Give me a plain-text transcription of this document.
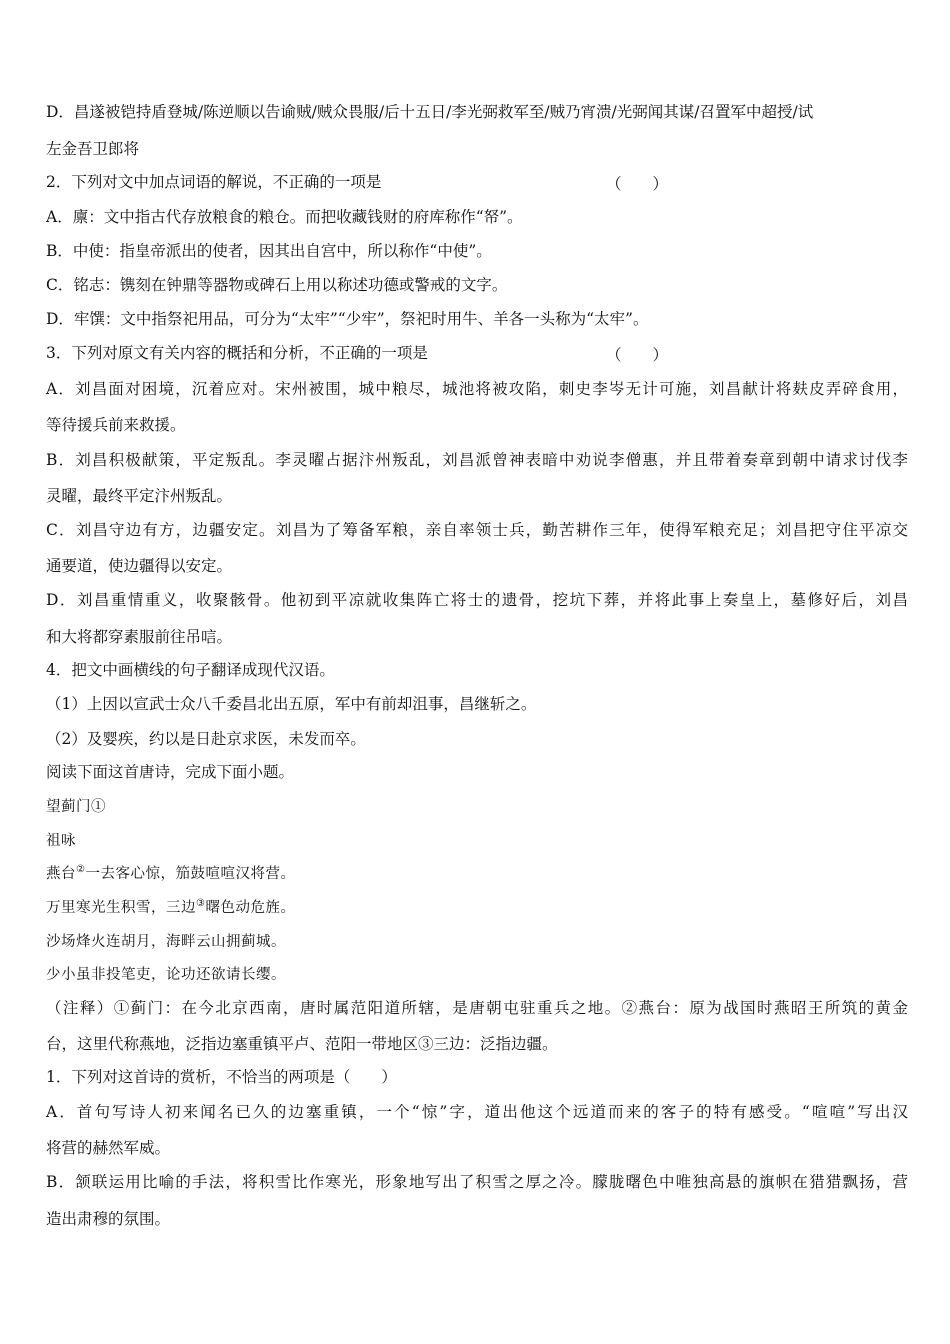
D．昌遂被铠持盾登城/陈逆顺以告谕贼/贼众畏服/后十五日/李光弼救军至/贼乃宵溃/光弼闻其谋/召置军中超授/试
左金吾卫郎将
2．下列对文中加点词语的解说，不正确的一项是	（　　）
A．廪：文中指古代存放粮食的粮仓。而把收藏钱财的府库称作“帑”。
B．中使：指皇帝派出的使者，因其出自宫中，所以称作“中使”。
C．铭志：镌刻在钟鼎等器物或碑石上用以称述功德或警戒的文字。
D．牢馔：文中指祭祀用品，可分为“太牢”“少牢”，祭祀时用牛、羊各一头称为“太牢”。
3．下列对原文有关内容的概括和分析，不正确的一项是	（　　）
A．刘昌面对困境，沉着应对。宋州被围，城中粮尽，城池将被攻陷，刺史李岑无计可施，刘昌献计将麸皮弄碎食用，
等待援兵前来救援。
B．刘昌积极献策，平定叛乱。李灵曜占据汴州叛乱，刘昌派曾神表暗中劝说李僧惠，并且带着奏章到朝中请求讨伐李
灵曜，最终平定汴州叛乱。
C．刘昌守边有方，边疆安定。刘昌为了筹备军粮，亲自率领士兵，勤苦耕作三年，使得军粮充足；刘昌把守住平凉交
通要道，使边疆得以安定。
D．刘昌重情重义，收聚骸骨。他初到平凉就收集阵亡将士的遗骨，挖坑下葬，并将此事上奏皇上，墓修好后，刘昌
和大将都穿素服前往吊唁。
4．把文中画横线的句子翻译成现代汉语。
（1）上因以宣武士众八千委昌北出五原，军中有前却沮事，昌继斩之。
（2）及婴疾，约以是日赴京求医，未发而卒。
阅读下面这首唐诗，完成下面小题。
望蓟门①
祖咏
燕台②一去客心惊，笳鼓喧喧汉将营。
万里寒光生积雪，三边③曙色动危旌。
沙场烽火连胡月，海畔云山拥蓟城。
少小虽非投笔吏，论功还欲请长缨。
（注释）①蓟门：在今北京西南，唐时属范阳道所辖，是唐朝屯驻重兵之地。②燕台：原为战国时燕昭王所筑的黄金
台，这里代称燕地，泛指边塞重镇平卢、范阳一带地区③三边：泛指边疆。
1．下列对这首诗的赏析，不恰当的两项是（　　）
A．首句写诗人初来闻名已久的边塞重镇，一个“惊”字，道出他这个远道而来的客子的特有感受。“喧喧”写出汉
将营的赫然军威。
B．颔联运用比喻的手法，将积雪比作寒光，形象地写出了积雪之厚之冷。朦胧曙色中唯独高悬的旗帜在猎猎飘扬，营
造出肃穆的氛围。
